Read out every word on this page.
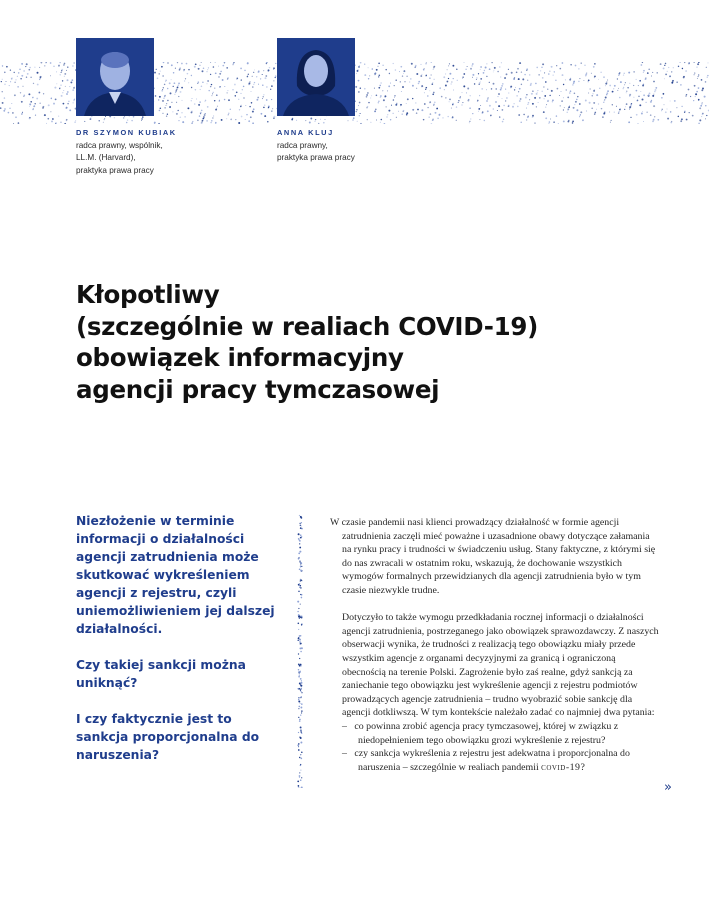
DR SZYMON KUBIAK
radca prawny, wspólnik,
LL.M. (Harvard),
praktyka prawa pracy
ANNA KLUJ
radca prawny,
praktyka prawa pracy
Kłopotliwy
(szczególnie w realiach COVID-19)
obowiązek informacyjny
agencji pracy tymczasowej

Niezłożenie w terminie informacji o działalności agencji zatrudnienia może skutkować wykreśleniem agencji z rejestru, czyli uniemożliwieniem jej dalszej działalności.

Czy takiej sankcji można uniknąć?

I czy faktycznie jest to sankcja proporcjonalna do naruszenia?

W czasie pandemii nasi klienci prowadzący działalność w formie agencji zatrudnienia zaczęli mieć poważne i uzasadnione obawy dotyczące załamania na rynku pracy i trudności w świadczeniu usług. Stany faktyczne, z którymi się do nas zwracali w ostatnim roku, wskazują, że dochowanie wszystkich wymogów formalnych przewidzianych dla agencji zatrudnienia było w tym czasie niezwykle trudne.

Dotyczyło to także wymogu przedkładania rocznej informacji o działalności agencji zatrudnienia, postrzeganego jako obowiązek sprawozdawczy. Z naszych obserwacji wynika, że trudności z realizacją tego obowiązku miały przede wszystkim agencje z organami decyzyjnymi za granicą i ograniczoną obecnością na terenie Polski. Zagrożenie było zaś realne, gdyż sankcją za zaniechanie tego obowiązku jest wykreślenie agencji z rejestru podmiotów prowadzących agencje zatrudnienia – trudno wyobrazić sobie sankcję dla agencji dotkliwszą. W tym kontekście należało zadać co najmniej dwa pytania:

–   co powinna zrobić agencja pracy tymczasowej, której w związku z niedopełnieniem tego obowiązku grozi wykreślenie z rejestru?

–   czy sankcja wykreślenia z rejestru jest adekwatna i proporcjonalna do naruszenia – szczególnie w realiach pandemii covid-19?

»
